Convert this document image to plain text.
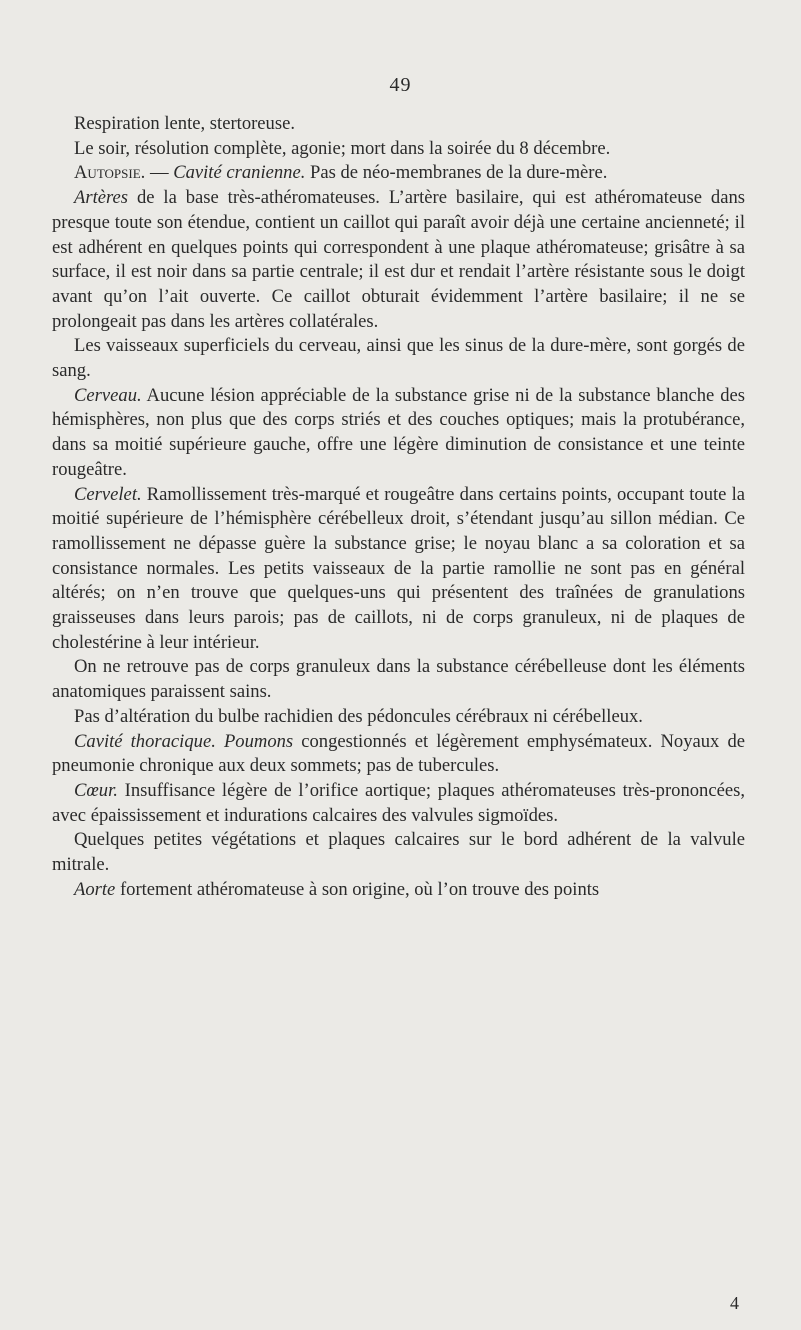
49

Respiration lente, stertoreuse.

Le soir, résolution complète, agonie; mort dans la soirée du 8 décembre.

Autopsie. — Cavité cranienne. Pas de néo-membranes de la dure-mère.

Artères de la base très-athéromateuses. L’artère basilaire, qui est athéromateuse dans presque toute son étendue, contient un caillot qui paraît avoir déjà une certaine ancienneté; il est adhérent en quelques points qui correspondent à une plaque athéromateuse; grisâtre à sa surface, il est noir dans sa partie centrale; il est dur et rendait l’artère résistante sous le doigt avant qu’on l’ait ouverte. Ce caillot obturait évidemment l’artère basilaire; il ne se prolongeait pas dans les artères collatérales.

Les vaisseaux superficiels du cerveau, ainsi que les sinus de la dure-mère, sont gorgés de sang.

Cerveau. Aucune lésion appréciable de la substance grise ni de la substance blanche des hémisphères, non plus que des corps striés et des couches optiques; mais la protubérance, dans sa moitié supérieure gauche, offre une légère diminution de consistance et une teinte rougeâtre.

Cervelet. Ramollissement très-marqué et rougeâtre dans certains points, occupant toute la moitié supérieure de l’hémisphère cérébelleux droit, s’étendant jusqu’au sillon médian. Ce ramollissement ne dépasse guère la substance grise; le noyau blanc a sa coloration et sa consistance normales. Les petits vaisseaux de la partie ramollie ne sont pas en général altérés; on n’en trouve que quelques-uns qui présentent des traînées de granulations graisseuses dans leurs parois; pas de caillots, ni de corps granuleux, ni de plaques de cholestérine à leur intérieur.

On ne retrouve pas de corps granuleux dans la substance cérébelleuse dont les éléments anatomiques paraissent sains.

Pas d’altération du bulbe rachidien des pédoncules cérébraux ni cérébelleux.

Cavité thoracique. Poumons congestionnés et légèrement emphysémateux. Noyaux de pneumonie chronique aux deux sommets; pas de tubercules.

Cœur. Insuffisance légère de l’orifice aortique; plaques athéromateuses très-prononcées, avec épaississement et indurations calcaires des valvules sigmoïdes.

Quelques petites végétations et plaques calcaires sur le bord adhérent de la valvule mitrale.

Aorte fortement athéromateuse à son origine, où l’on trouve des points

4
